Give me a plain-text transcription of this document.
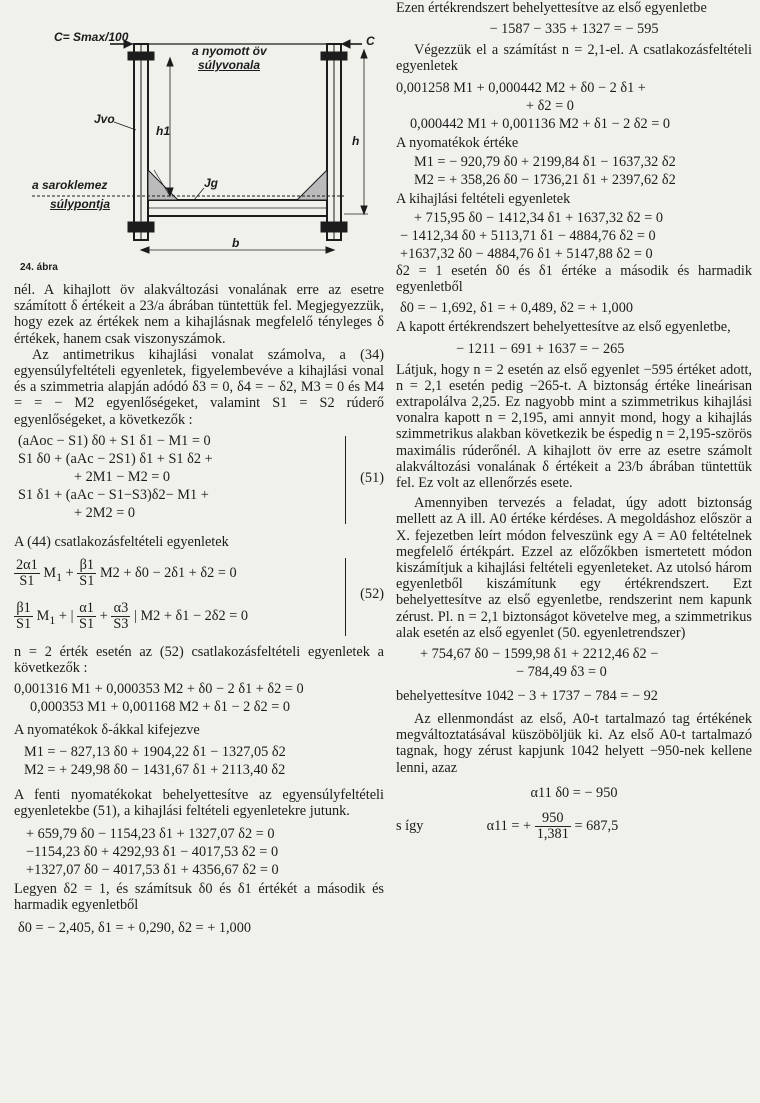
C= Smax/100
a nyomott öv
súlyvonala
C
Jvo
h1
h
a saroklemez
súlypontja
Jg
b
24. ábra

nél. A kihajlott öv alakváltozási vonalának erre az esetre számított δ értékeit a 23/a ábrában tüntettük fel. Megjegyezzük, hogy ezek az értékek nem a kihajlásnak megfelelő tényleges δ értékek, hanem csak viszonyszámok.

Az antimetrikus kihajlási vonalat számolva, a (34) egyensúlyfeltételi egyenletek, figyelembevéve a kihajlási vonal és a szimmetria alapján adódó δ3 = 0, δ4 = − δ2, M3 = 0 és M4 = = − M2 egyenlőségeket, valamint S1 = S2 rúderő egyenlőségeket, a következők :

(aAoc − S1) δ0 + S1 δ1 − M1 = 0
S1 δ0 + (aAc − 2S1) δ1 + S1 δ2 +
+ 2M1 − M2 = 0
S1 δ1 + (aAc − S1−S3)δ2− M1 +
+ 2M2 = 0
(51)

A (44) csatlakozásfeltételi egyenletek

$\frac{2\alpha 1}{S1} M_1 + \frac{\beta 1}{S1} M2 + \delta 0 - 2\delta 1 + \delta 2 = 0$
$\frac{\beta 1}{S1} M_1$ + | $\frac{\alpha 1}{S1} + \frac{\alpha 3}{S3}$ | M2 + δ1 − 2δ2 = 0
(52)

n = 2 érték esetén az (52) csatlakozásfeltételi egyenletek a következők :

0,001316 M1 + 0,000353 M2 + δ0 − 2 δ1 + δ2 = 0
0,000353 M1 + 0,001168 M2 + δ1 − 2 δ2 = 0

A nyomatékok δ-ákkal kifejezve

M1 = − 827,13 δ0 + 1904,22 δ1 − 1327,05 δ2
M2 = + 249,98 δ0 − 1431,67 δ1 + 2113,40 δ2

A fenti nyomatékokat behelyettesítve az egyensúlyfeltételi egyenletekbe (51), a kihajlási feltételi egyenletekre jutunk.

+ 659,79 δ0 − 1154,23 δ1 + 1327,07 δ2 = 0
−1154,23 δ0 + 4292,93 δ1 − 4017,53 δ2 = 0
+1327,07 δ0 − 4017,53 δ1 + 4356,67 δ2 = 0

Legyen δ2 = 1, és számítsuk δ0 és δ1 értékét a második és harmadik egyenletből

δ0 = − 2,405, δ1 = + 0,290, δ2 = + 1,000

Ezen értékrendszert behelyettesítve az első egyenletbe

− 1587 − 335 + 1327 = − 595

Végezzük el a számítást n = 2,1-el. A csatlakozásfeltételi egyenletek

0,001258 M1 + 0,000442 M2 + δ0 − 2 δ1 +
+ δ2 = 0
0,000442 M1 + 0,001136 M2 + δ1 − 2 δ2 = 0

A nyomatékok értéke

M1 = − 920,79 δ0 + 2199,84 δ1 − 1637,32 δ2
M2 = + 358,26 δ0 − 1736,21 δ1 + 2397,62 δ2

A kihajlási feltételi egyenletek

+ 715,95 δ0 − 1412,34 δ1 + 1637,32 δ2 = 0
− 1412,34 δ0 + 5113,71 δ1 − 4884,76 δ2 = 0
+1637,32 δ0 − 4884,76 δ1 + 5147,88 δ2 = 0

δ2 = 1 esetén δ0 és δ1 értéke a második és harmadik egyenletből

δ0 = − 1,692, δ1 = + 0,489, δ2 = + 1,000

A kapott értékrendszert behelyettesítve az első egyenletbe,

− 1211 − 691 + 1637 = − 265

Látjuk, hogy n = 2 esetén az első egyenlet −595 értéket adott, n = 2,1 esetén pedig −265-t. A biztonság értéke lineárisan extrapolálva 2,25. Ez nagyobb mint a szimmetrikus kihajlási vonalra kapott n = 2,195, ami annyit mond, hogy a kihajlás szimmetrikus alakban következik be éspedig n = 2,195-szörös maximális rúderőnél. A kihajlott öv erre az esetre számolt alakváltozási vonalának δ értékeit a 23/b ábrában tüntettük fel. Ez volt az ellenőrzés esete.

Amennyiben tervezés a feladat, úgy adott biztonság mellett az A ill. A0 értéke kérdéses. A megoldáshoz először a X. fejezetben leírt módon felveszünk egy A = A0 feltételnek megfelelő értékpárt. Ezzel az előzőkben ismertetett módon kiszámítjuk a kihajlási feltételi egyenleteket. Az utolsó három egyenletből kiszámítunk egy értékrendszert. Ezt behelyettesítve az első egyenletbe, rendszerint nem kapunk zérust. Pl. n = 2,1 biztonságot követelve meg, a szimmetrikus alak esetén az első egyenlet (50. egyenletrendszer)

+ 754,67 δ0 − 1599,98 δ1 + 2212,46 δ2 −
− 784,49 δ3 = 0
behelyettesítve 1042 − 3 + 1737 − 784 = − 92

Az ellenmondást az első, A0-t tartalmazó tag értékének megváltoztatásával küszöböljük ki. Az első A0-t tartalmazó tagnak, hogy zérust kapjunk 1042 helyett −950-nek kellene lenni, azaz

α11 δ0 = − 950
s így	α11 = + $\frac{950}{1,381} = 687,5$
